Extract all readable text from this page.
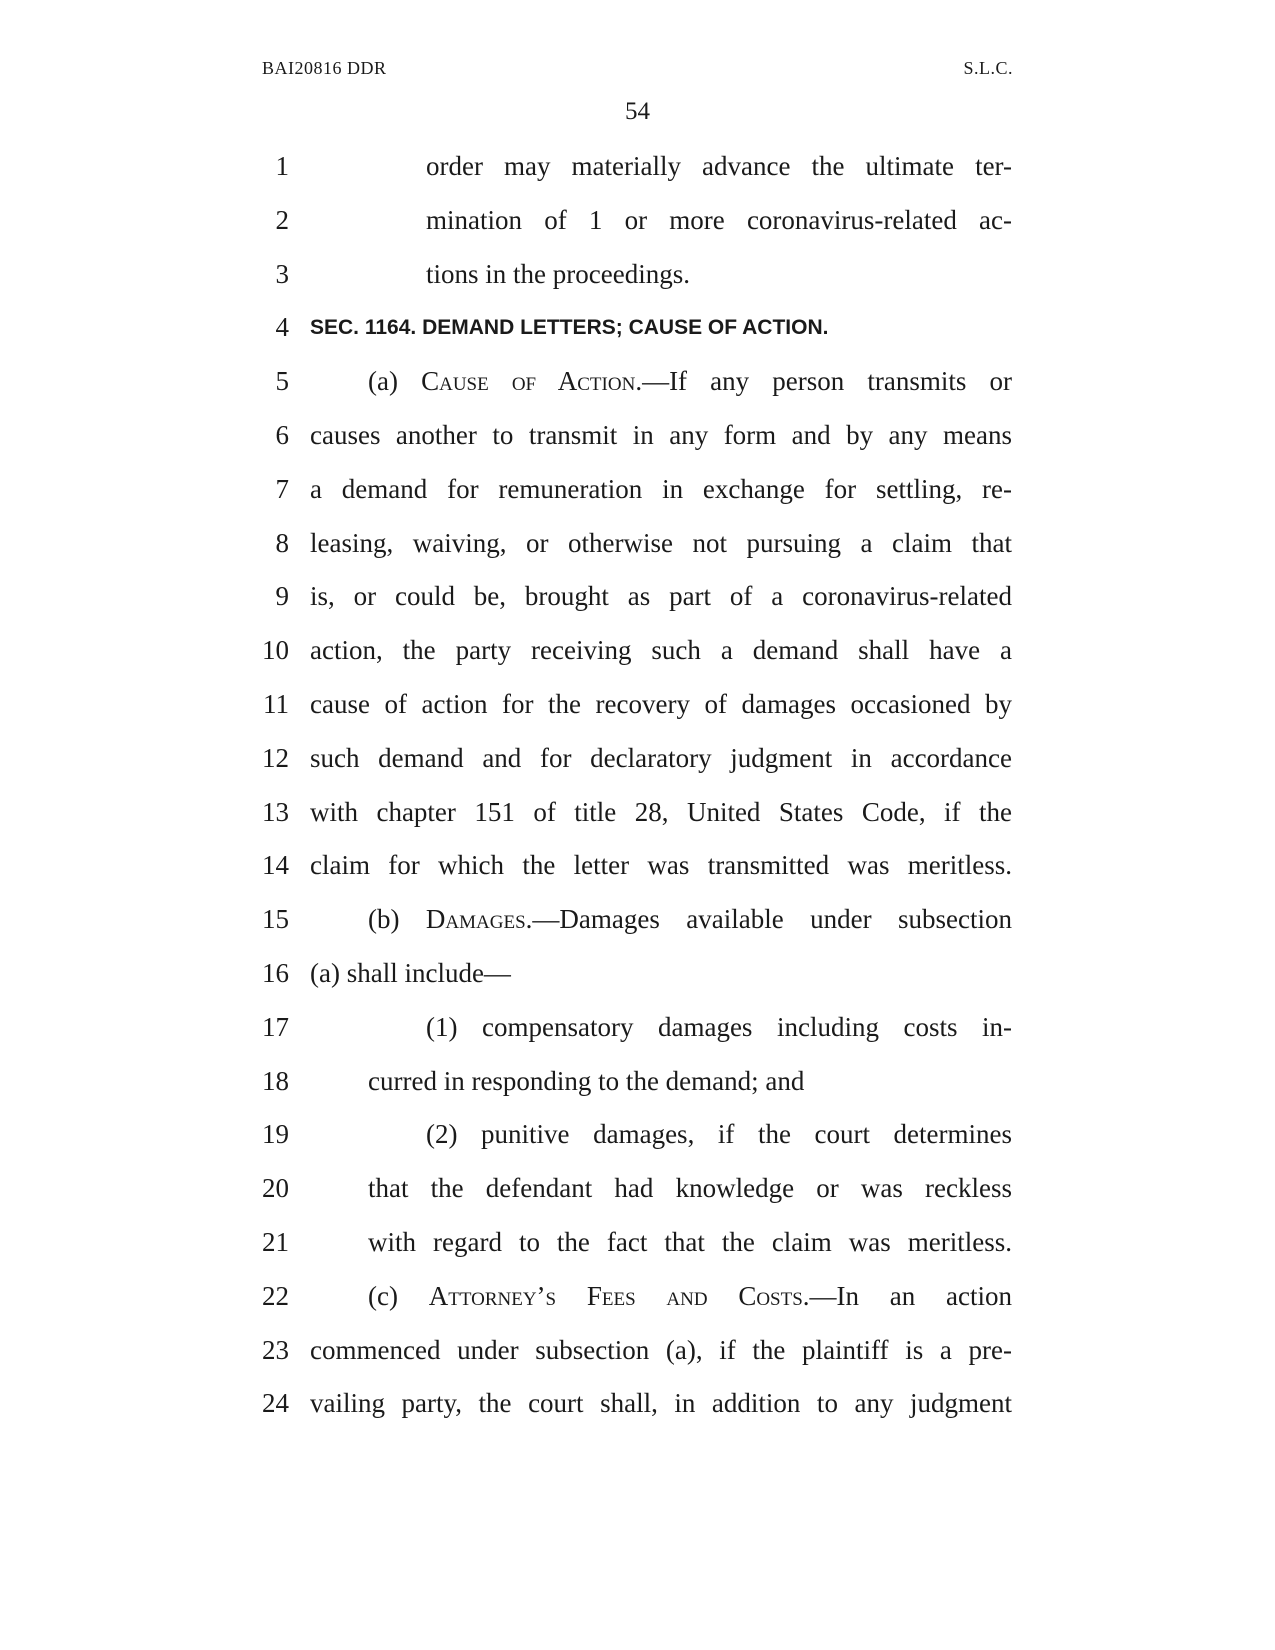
BAI20816 DDR	S.L.C.
54
1	order may materially advance the ultimate ter-
2	mination of 1 or more coronavirus-related ac-
3	tions in the proceedings.
4 SEC. 1164. DEMAND LETTERS; CAUSE OF ACTION.
5	(a) Cause of Action.—If any person transmits or
6 causes another to transmit in any form and by any means
7 a demand for remuneration in exchange for settling, re-
8 leasing, waiving, or otherwise not pursuing a claim that
9 is, or could be, brought as part of a coronavirus-related
10 action, the party receiving such a demand shall have a
11 cause of action for the recovery of damages occasioned by
12 such demand and for declaratory judgment in accordance
13 with chapter 151 of title 28, United States Code, if the
14 claim for which the letter was transmitted was meritless.
15	(b) Damages.—Damages available under subsection
16 (a) shall include—
17	(1) compensatory damages including costs in-
18	curred in responding to the demand; and
19	(2) punitive damages, if the court determines
20	that the defendant had knowledge or was reckless
21	with regard to the fact that the claim was meritless.
22	(c) Attorney’s Fees and Costs.—In an action
23 commenced under subsection (a), if the plaintiff is a pre-
24 vailing party, the court shall, in addition to any judgment
